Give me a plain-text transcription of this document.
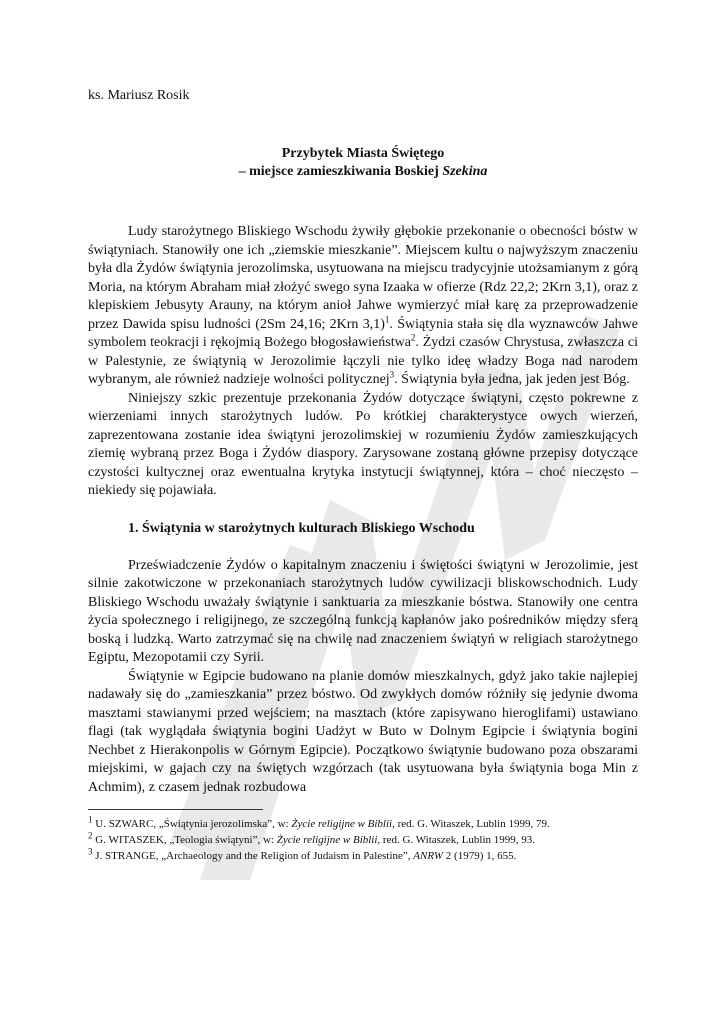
ks. Mariusz Rosik

Przybytek Miasta Świętego
– miejsce zamieszkiwania Boskiej Szekina

Ludy starożytnego Bliskiego Wschodu żywiły głębokie przekonanie o obecności bóstw w świątyniach. Stanowiły one ich „ziemskie mieszkanie”. Miejscem kultu o najwyższym znaczeniu była dla Żydów świątynia jerozolimska, usytuowana na miejscu tradycyjnie utożsamianym z górą Moria, na którym Abraham miał złożyć swego syna Izaaka w ofierze (Rdz 22,2; 2Krn 3,1), oraz z klepiskiem Jebusyty Arauny, na którym anioł Jahwe wymierzyć miał karę za przeprowadzenie przez Dawida spisu ludności (2Sm 24,16; 2Krn 3,1)$^1$. Świątynia stała się dla wyznawców Jahwe symbolem teokracji i rękojmią Bożego błogosławieństwa$^2$. Żydzi czasów Chrystusa, zwłaszcza ci w Palestynie, ze świątynią w Jerozolimie łączyli nie tylko ideę władzy Boga nad narodem wybranym, ale również nadzieje wolności politycznej$^3$. Świątynia była jedna, jak jeden jest Bóg.

Niniejszy szkic prezentuje przekonania Żydów dotyczące świątyni, często pokrewne z wierzeniami innych starożytnych ludów. Po krótkiej charakterystyce owych wierzeń, zaprezentowana zostanie idea świątyni jerozolimskiej w rozumieniu Żydów zamieszkujących ziemię wybraną przez Boga i Żydów diaspory. Zarysowane zostaną główne przepisy dotyczące czystości kultycznej oraz ewentualna krytyka instytucji świątynnej, która – choć nieczęsto – niekiedy się pojawiała.

1. Świątynia w starożytnych kulturach Bliskiego Wschodu

Przeświadczenie Żydów o kapitalnym znaczeniu i świętości świątyni w Jerozolimie, jest silnie zakotwiczone w przekonaniach starożytnych ludów cywilizacji bliskowschodnich. Ludy Bliskiego Wschodu uważały świątynie i sanktuaria za mieszkanie bóstwa. Stanowiły one centra życia społecznego i religijnego, ze szczególną funkcją kapłanów jako pośredników między sferą boską i ludzką. Warto zatrzymać się na chwilę nad znaczeniem świątyń w religiach starożytnego Egiptu, Mezopotamii czy Syrii.

Świątynie w Egipcie budowano na planie domów mieszkalnych, gdyż jako takie najlepiej nadawały się do „zamieszkania” przez bóstwo. Od zwykłych domów różniły się jedynie dwoma masztami stawianymi przed wejściem; na masztach (które zapisywano hieroglifami) ustawiano flagi (tak wyglądała świątynia bogini Uadżyt w Buto w Dolnym Egipcie i świątynia bogini Nechbet z Hierakonpolis w Górnym Egipcie). Początkowo świątynie budowano poza obszarami miejskimi, w gajach czy na świętych wzgórzach (tak usytuowana była świątynia boga Min z Achmim), z czasem jednak rozbudowa

$^1$ U. SZWARC, „Świątynia jerozolimska”, w: Życie religijne w Biblii, red. G. Witaszek, Lublin 1999, 79.

$^2$ G. WITASZEK, „Teologia świątyni”, w: Życie religijne w Biblii, red. G. Witaszek, Lublin 1999, 93.

$^3$ J. STRANGE, „Archaeology and the Religion of Judaism in Palestine”, ANRW 2 (1979) 1, 655.
